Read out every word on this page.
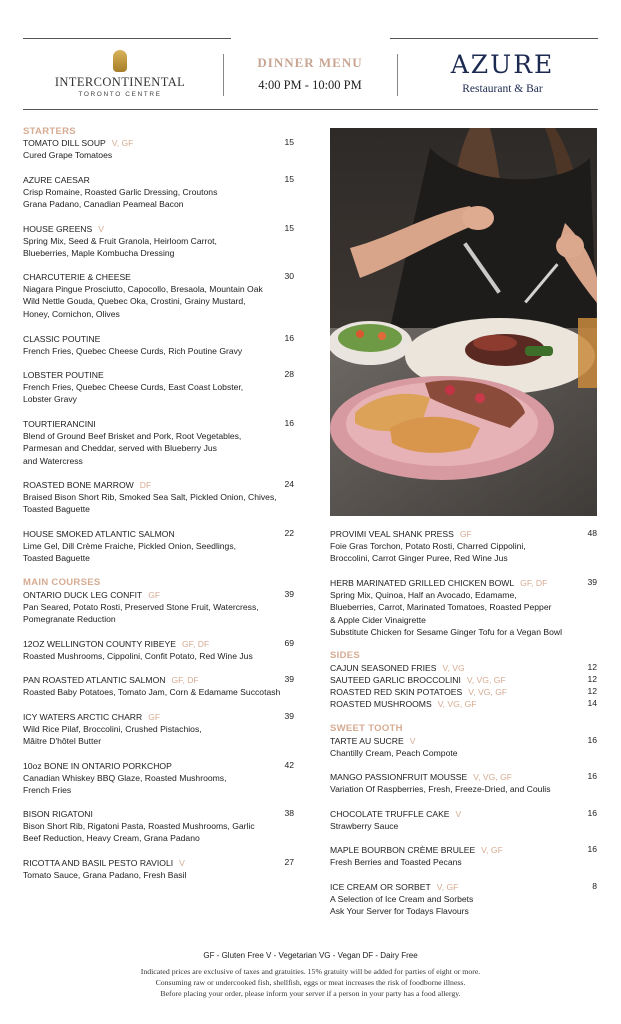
INTERCONTINENTAL
TORONTO CENTRE
DINNER MENU
4:00 PM - 10:00 PM
AZURE
Restaurant & Bar
STARTERS
MAIN COURSES
SIDES
SWEET TOOTH
TOMATO DILL SOUP V, GF
Cured Grape Tomatoes
15
AZURE CAESAR
Crisp Romaine, Roasted Garlic Dressing, Croutons
Grana Padano, Canadian Peameal Bacon
15
HOUSE GREENS V
Spring Mix, Seed & Fruit Granola, Heirloom Carrot,
Blueberries, Maple Kombucha Dressing
15
CHARCUTERIE & CHEESE
Niagara Pingue Prosciutto, Capocollo, Bresaola, Mountain Oak
Wild Nettle Gouda, Quebec Oka, Crostini, Grainy Mustard,
Honey, Cornichon, Olives
30
CLASSIC POUTINE
French Fries, Quebec Cheese Curds, Rich Poutine Gravy
16
LOBSTER POUTINE
French Fries, Quebec Cheese Curds, East Coast Lobster,
Lobster Gravy
28
TOURTIERANCINI
Blend of Ground Beef Brisket and Pork, Root Vegetables,
Parmesan and Cheddar, served with Blueberry Jus
and Watercress
16
ROASTED BONE MARROW DF
Braised Bison Short Rib, Smoked Sea Salt, Pickled Onion, Chives,
Toasted Baguette
24
HOUSE SMOKED ATLANTIC SALMON
Lime Gel, Dill Crème Fraiche, Pickled Onion, Seedlings,
Toasted Baguette
22
ONTARIO DUCK LEG CONFIT GF
Pan Seared, Potato Rosti, Preserved Stone Fruit, Watercress,
Pomegranate Reduction
39
12OZ WELLINGTON COUNTY RIBEYE GF, DF
Roasted Mushrooms, Cippolini, Confit Potato, Red Wine Jus
69
PAN ROASTED ATLANTIC SALMON GF, DF
Roasted Baby Potatoes, Tomato Jam, Corn & Edamame Succotash
39
ICY WATERS ARCTIC CHARR GF
Wild Rice Pilaf, Broccolini, Crushed Pistachios,
Mâitre D'hôtel Butter
39
10oz BONE IN ONTARIO PORKCHOP
Canadian Whiskey BBQ Glaze, Roasted Mushrooms,
French Fries
42
BISON RIGATONI
Bison Short Rib, Rigatoni Pasta, Roasted Mushrooms, Garlic
Beef Reduction, Heavy Cream, Grana Padano
38
RICOTTA AND BASIL PESTO RAVIOLI V
Tomato Sauce, Grana Padano, Fresh Basil
27
PROVIMI VEAL SHANK PRESS GF
Foie Gras Torchon, Potato Rosti, Charred Cippolini,
Broccolini, Carrot Ginger Puree, Red Wine Jus
48
HERB MARINATED GRILLED CHICKEN BOWL GF, DF
Spring Mix, Quinoa, Half an Avocado, Edamame,
Blueberries, Carrot, Marinated Tomatoes, Roasted Pepper
& Apple Cider Vinaigrette
Substitute Chicken for Sesame Ginger Tofu for a Vegan Bowl
39
CAJUN SEASONED FRIES V, VG	12
SAUTEED GARLIC BROCCOLINI V, VG, GF	12
ROASTED RED SKIN POTATOES V, VG, GF	12
ROASTED MUSHROOMS V, VG, GF	14
TARTE AU SUCRE V
Chantilly Cream, Peach Compote
16
MANGO PASSIONFRUIT MOUSSE V, VG, GF
Variation Of Raspberries, Fresh, Freeze-Dried, and Coulis
16
CHOCOLATE TRUFFLE CAKE V
Strawberry Sauce
16
MAPLE BOURBON CRÈME BRULEE V, GF
Fresh Berries and Toasted Pecans
16
ICE CREAM OR SORBET V, GF
A Selection of Ice Cream and Sorbets
Ask Your Server for Todays Flavours
8
GF - Gluten Free V - Vegetarian VG - Vegan DF - Dairy Free
Indicated prices are exclusive of taxes and gratuities. 15% gratuity will be added for parties of eight or more.
Consuming raw or undercooked fish, shellfish, eggs or meat increases the risk of foodborne illness.
Before placing your order, please inform your server if a person in your party has a food allergy.
